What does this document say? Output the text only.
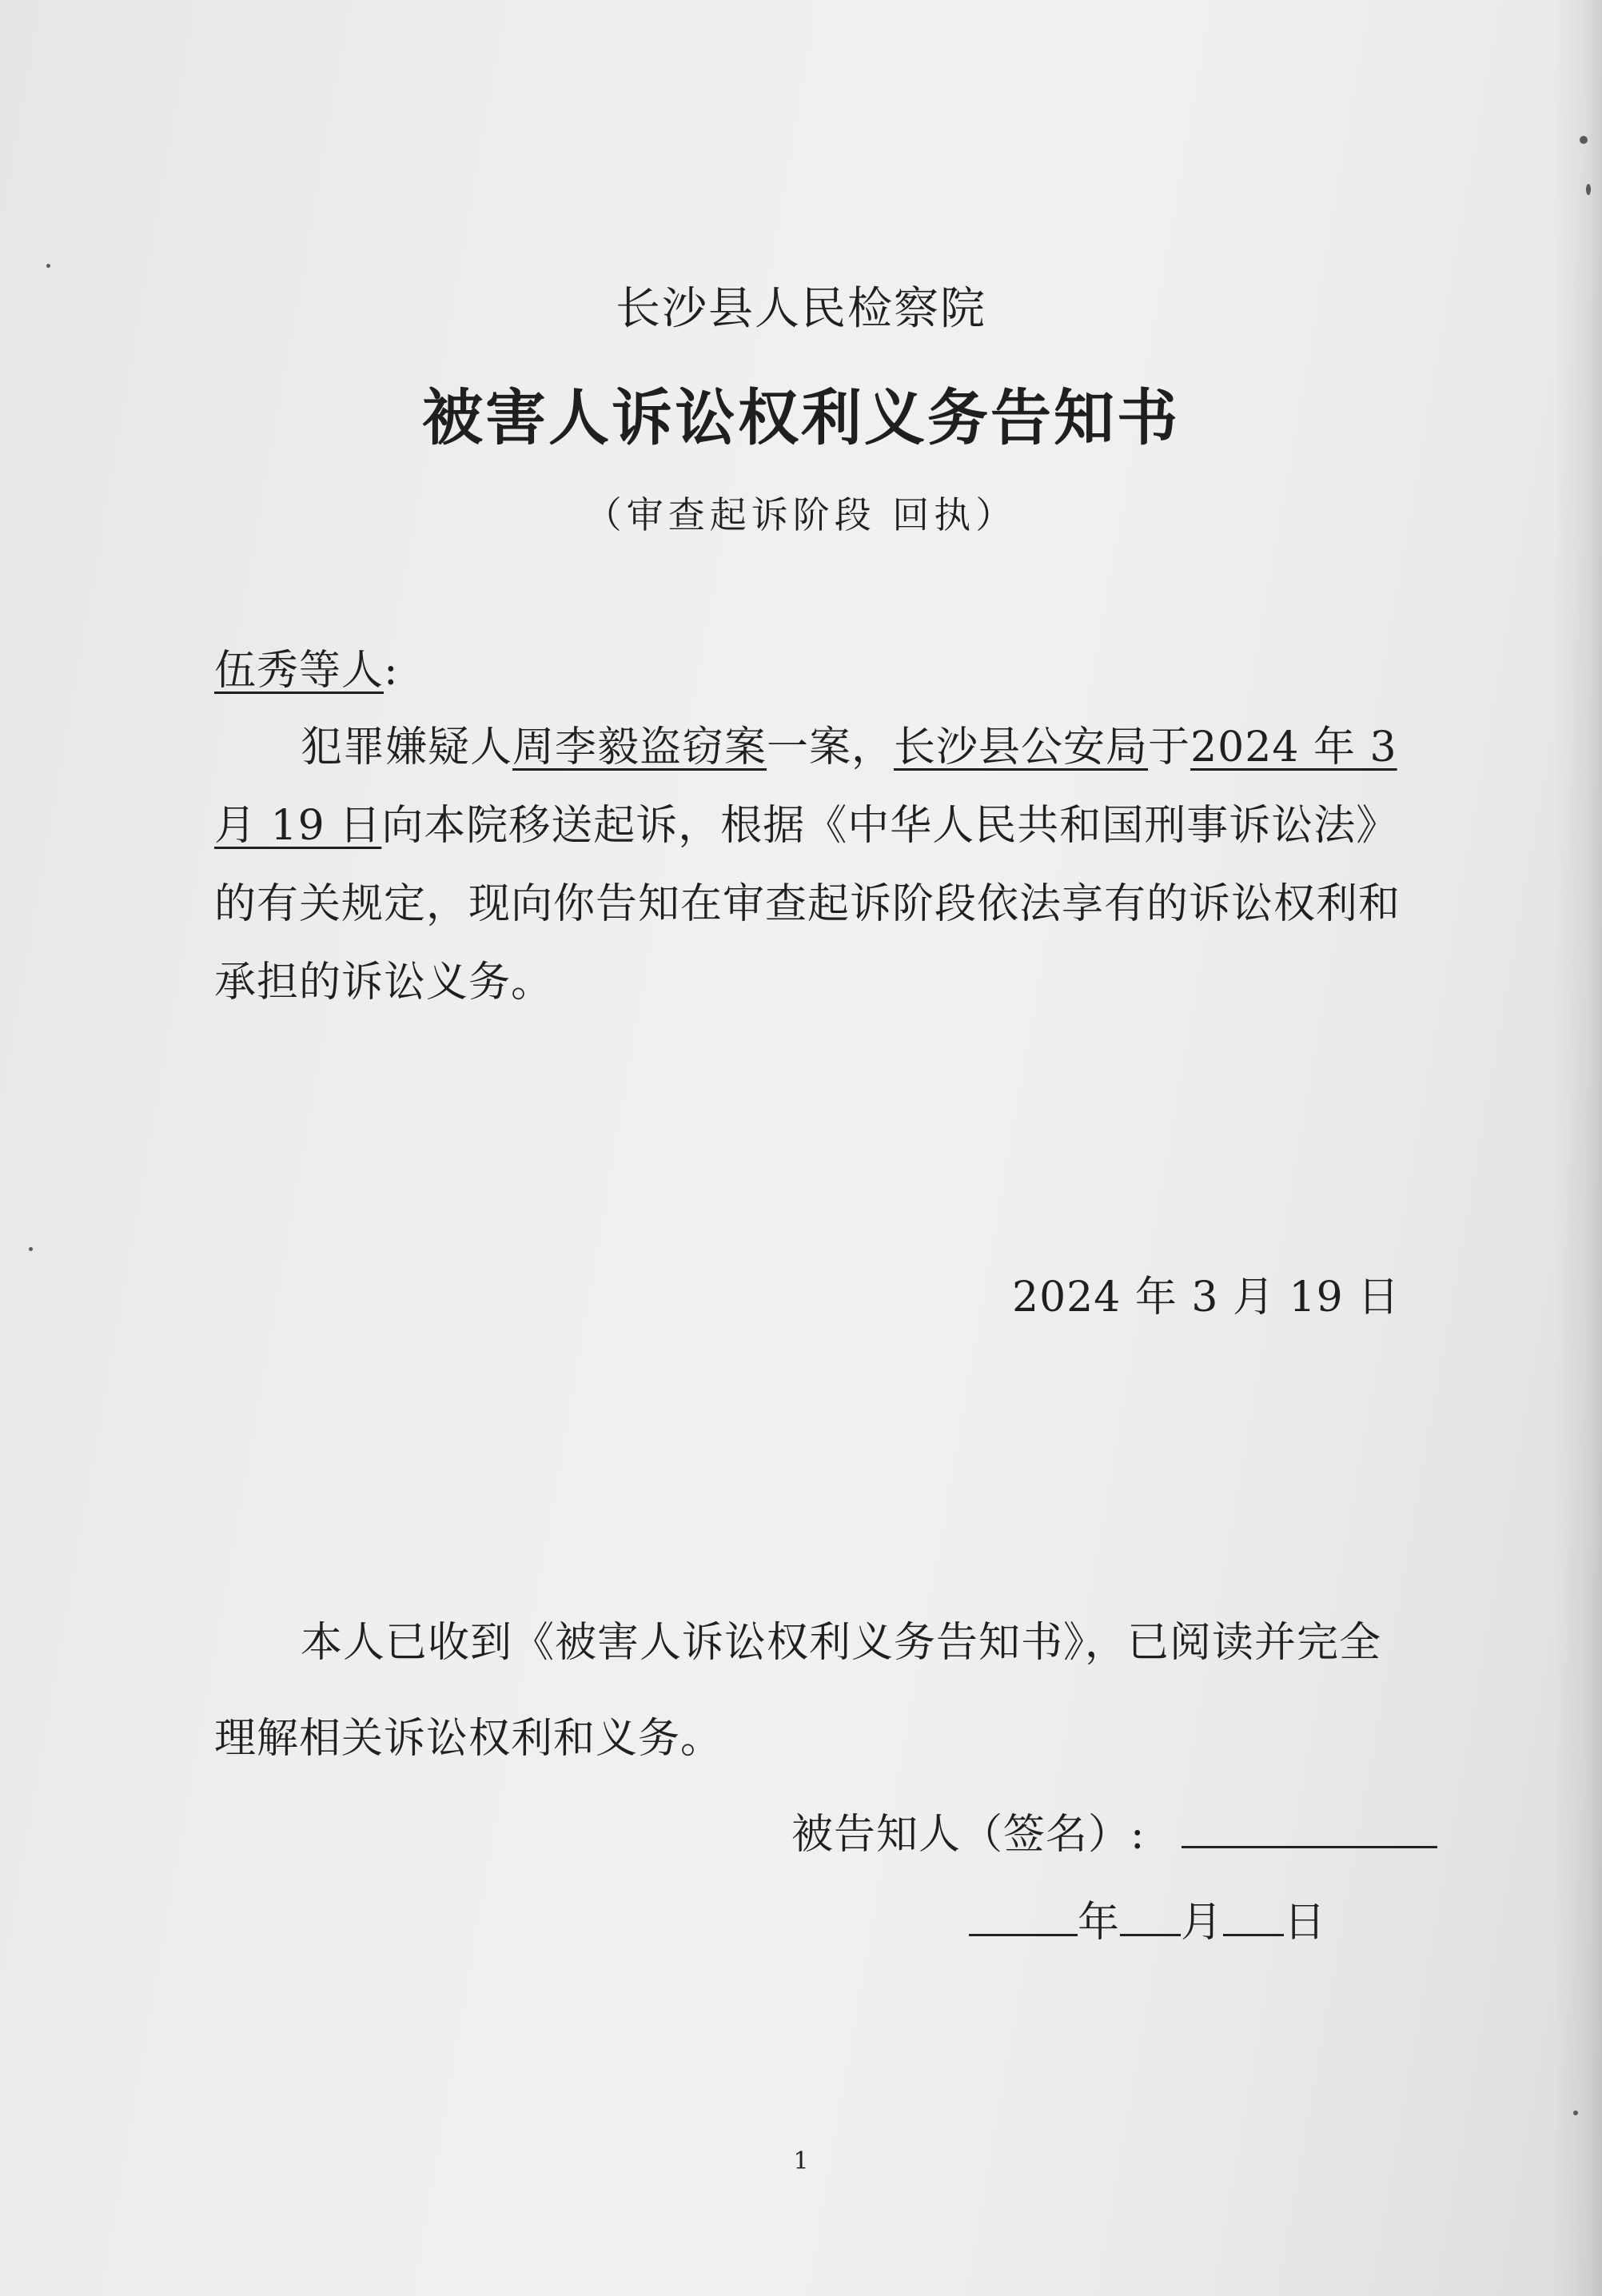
长沙县人民检察院
被害人诉讼权利义务告知书
（审查起诉阶段 回执）
伍秀等人:
犯罪嫌疑人周李毅盗窃案一案，长沙县公安局于2024 年 3
月 19 日向本院移送起诉，根据《中华人民共和国刑事诉讼法》
的有关规定，现向你告知在审查起诉阶段依法享有的诉讼权利和
承担的诉讼义务。
2024 年 3 月 19 日
本人已收到《被害人诉讼权利义务告知书》，已阅读并完全
理解相关诉讼权利和义务。
被告知人（签名）:
年 月 日
1
